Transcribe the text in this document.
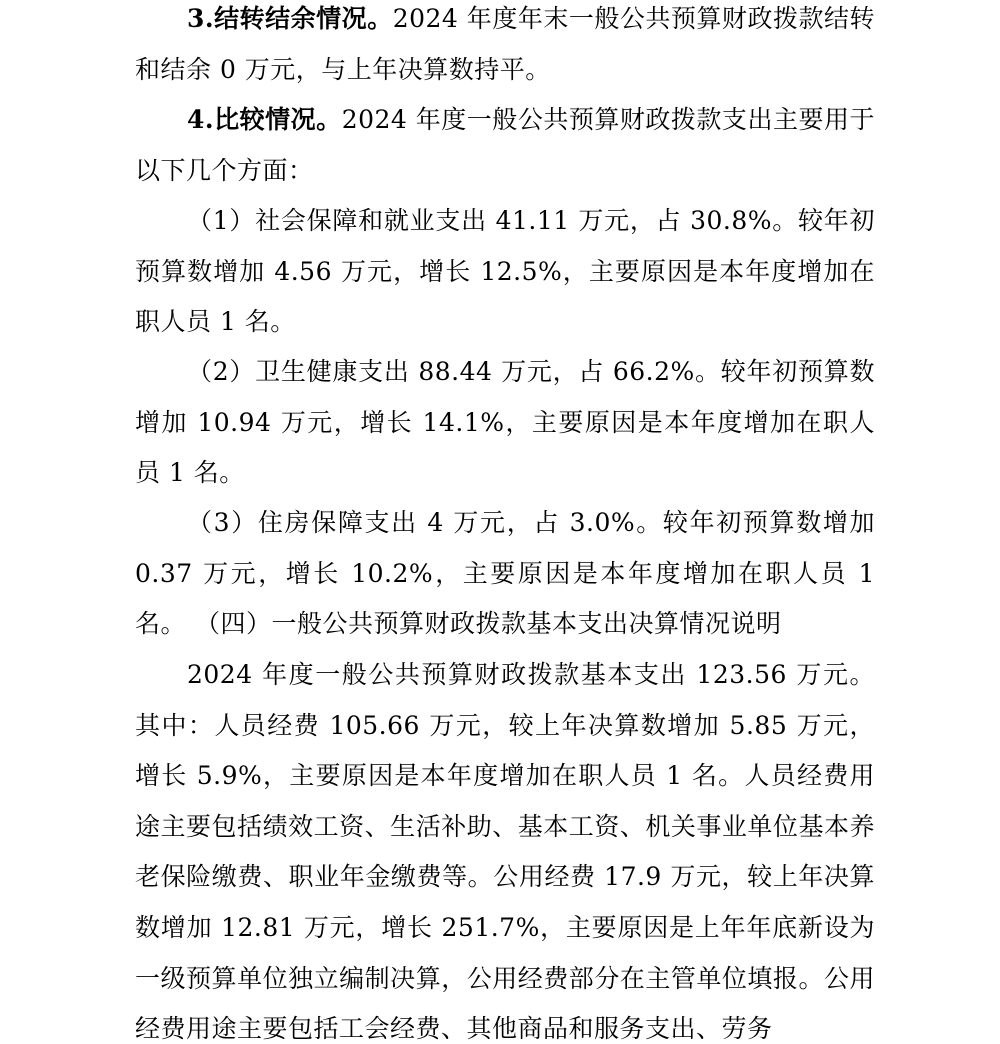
3.结转结余情况。2024 年度年末一般公共预算财政拨款结转和结余 0 万元，与上年决算数持平。

4.比较情况。2024 年度一般公共预算财政拨款支出主要用于以下几个方面：

（1）社会保障和就业支出 41.11 万元，占 30.8%。较年初预算数增加 4.56 万元，增长 12.5%，主要原因是本年度增加在职人员 1 名。

（2）卫生健康支出 88.44 万元，占 66.2%。较年初预算数增加 10.94 万元，增长 14.1%，主要原因是本年度增加在职人员 1 名。

（3）住房保障支出 4 万元，占 3.0%。较年初预算数增加 0.37 万元，增长 10.2%，主要原因是本年度增加在职人员 1 名。 （四）一般公共预算财政拨款基本支出决算情况说明

2024 年度一般公共预算财政拨款基本支出 123.56 万元。其中：人员经费 105.66 万元，较上年决算数增加 5.85 万元，增长 5.9%，主要原因是本年度增加在职人员 1 名。人员经费用途主要包括绩效工资、生活补助、基本工资、机关事业单位基本养老保险缴费、职业年金缴费等。公用经费 17.9 万元，较上年决算数增加 12.81 万元，增长 251.7%，主要原因是上年年底新设为一级预算单位独立编制决算，公用经费部分在主管单位填报。公用经费用途主要包括工会经费、其他商品和服务支出、劳务
